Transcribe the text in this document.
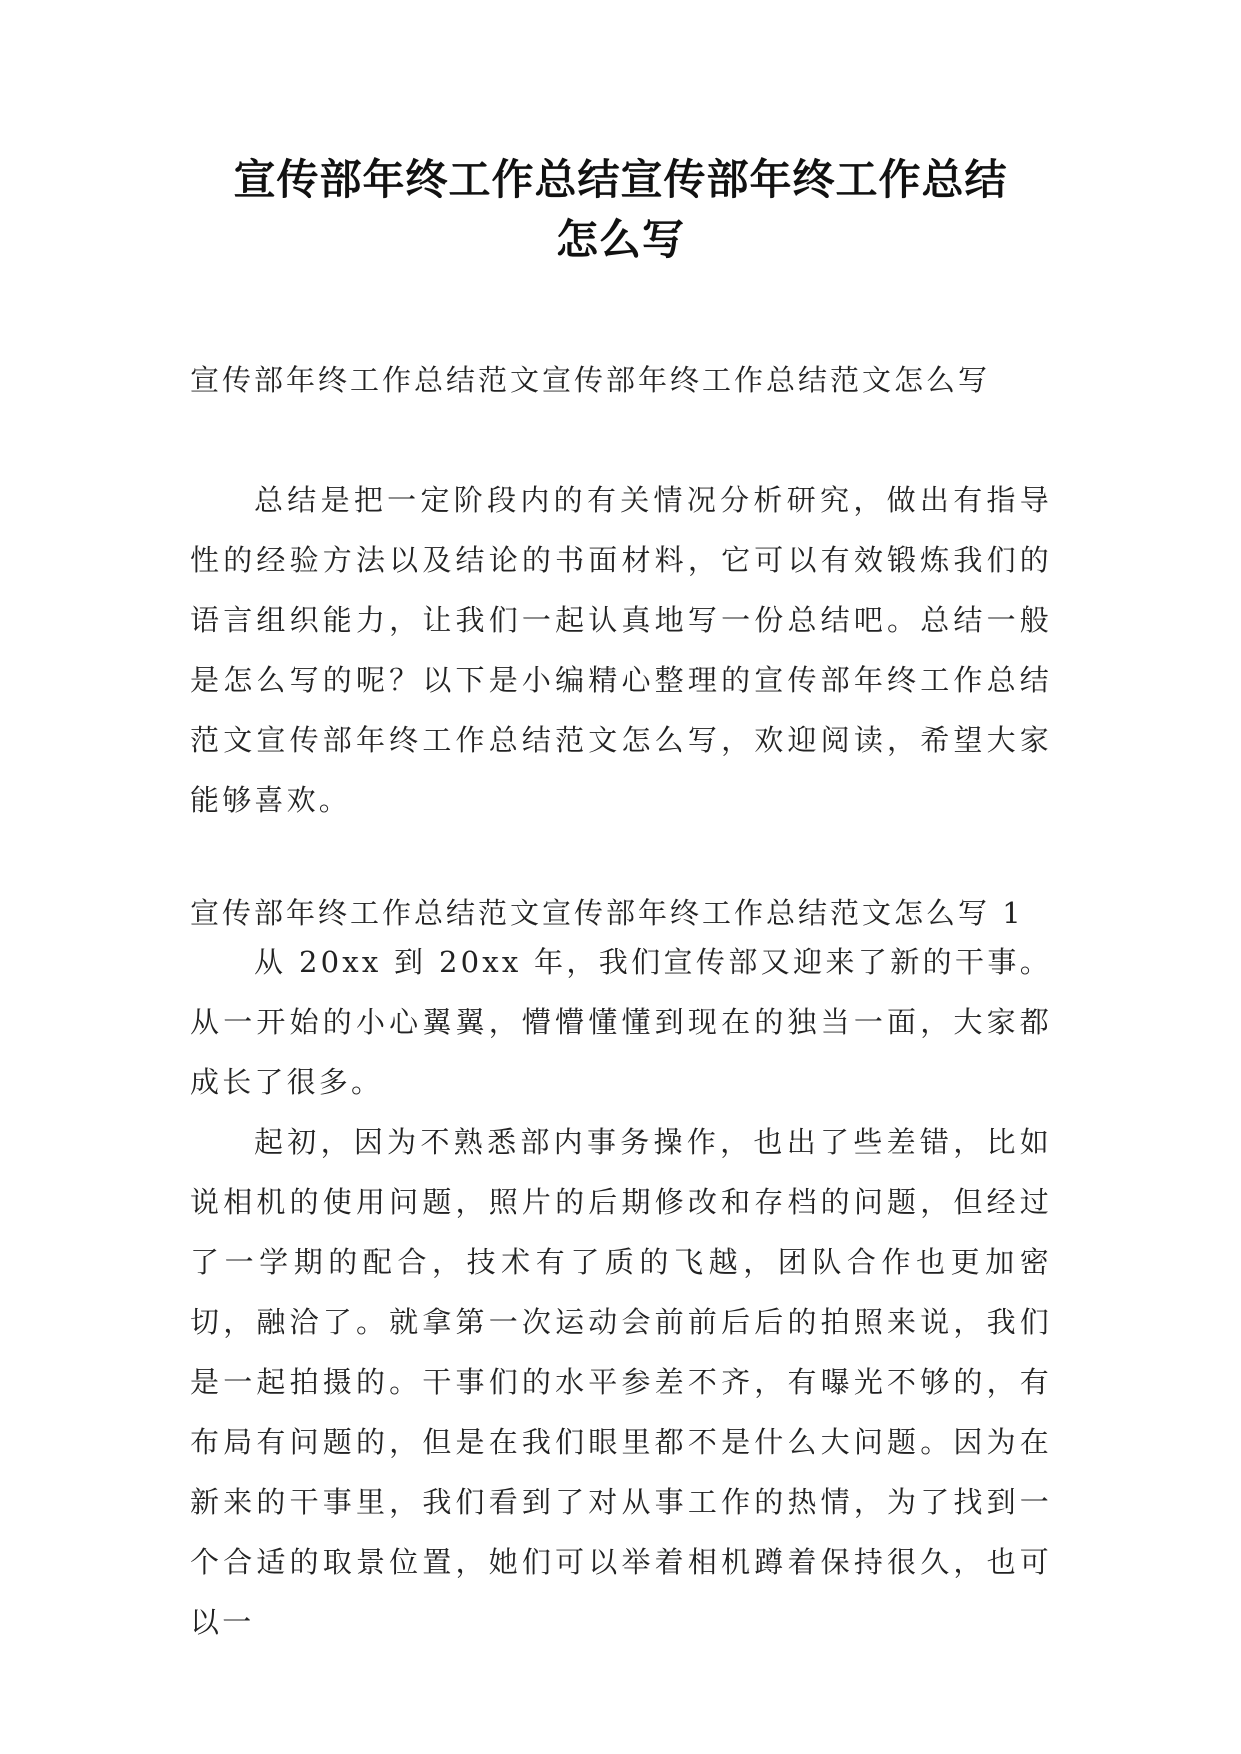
宣传部年终工作总结宣传部年终工作总结
怎么写
宣传部年终工作总结范文宣传部年终工作总结范文怎么写

总结是把一定阶段内的有关情况分析研究，做出有指导性的经验方法以及结论的书面材料，它可以有效锻炼我们的语言组织能力，让我们一起认真地写一份总结吧。总结一般是怎么写的呢？以下是小编精心整理的宣传部年终工作总结范文宣传部年终工作总结范文怎么写，欢迎阅读，希望大家能够喜欢。

宣传部年终工作总结范文宣传部年终工作总结范文怎么写 1

从 20xx 到 20xx 年，我们宣传部又迎来了新的干事。从一开始的小心翼翼，懵懵懂懂到现在的独当一面，大家都成长了很多。

起初，因为不熟悉部内事务操作，也出了些差错，比如说相机的使用问题，照片的后期修改和存档的问题，但经过了一学期的配合，技术有了质的飞越，团队合作也更加密切，融洽了。就拿第一次运动会前前后后的拍照来说，我们是一起拍摄的。干事们的水平参差不齐，有曝光不够的，有布局有问题的，但是在我们眼里都不是什么大问题。因为在新来的干事里，我们看到了对从事工作的热情，为了找到一个合适的取景位置，她们可以举着相机蹲着保持很久，也可以一
